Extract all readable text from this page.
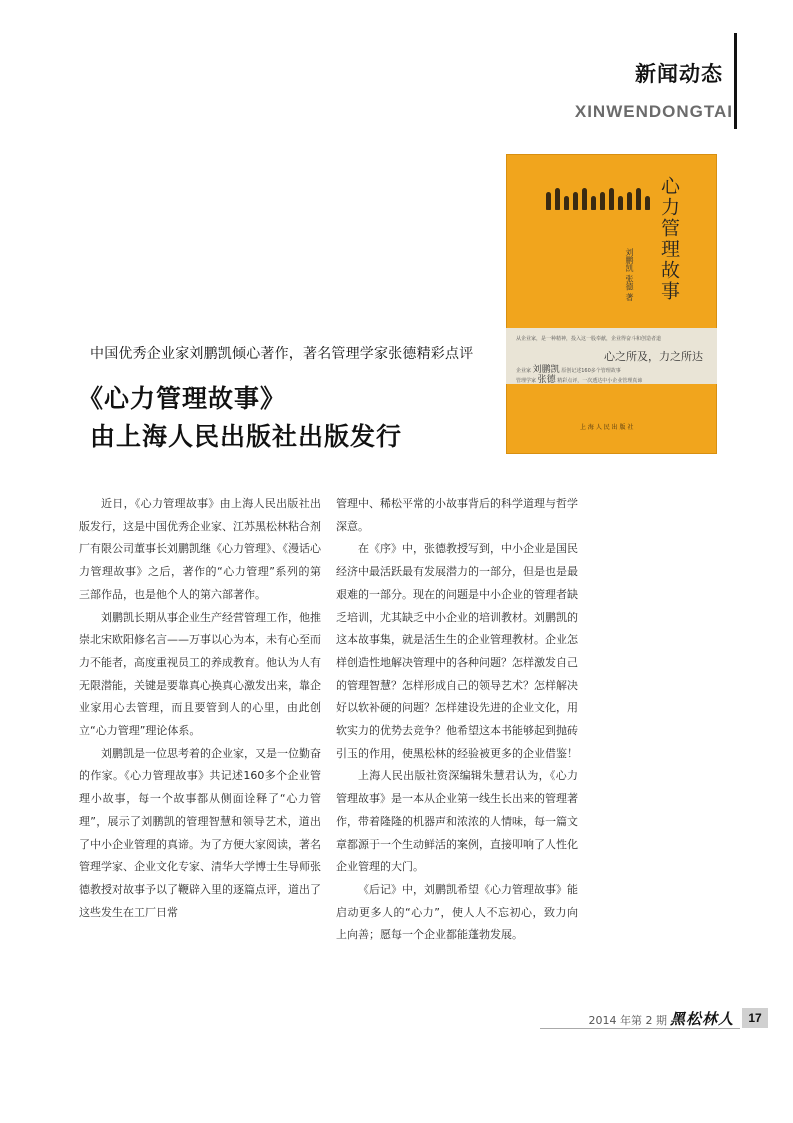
新闻动态
XINWENDONGTAI
心力管理故事
刘鹏凯 张德 著
从企业家，是一种精神，投入这一股奉献，企业得奋斗和创造者道
心之所及，力之所达
企业家 刘鹏凯 原创记述160多个管理故事
管理学家 张德 精彩点评，一次透达中小企业管理真谛
上 海 人 民 出 版 社
中国优秀企业家刘鹏凯倾心著作，著名管理学家张德精彩点评
《心力管理故事》
由上海人民出版社出版发行

近日，《心力管理故事》由上海人民出版社出版发行，这是中国优秀企业家、江苏黑松林粘合剂厂有限公司董事长刘鹏凯继《心力管理》、《漫话心力管理故事》之后，著作的“心力管理”系列的第三部作品，也是他个人的第六部著作。

刘鹏凯长期从事企业生产经营管理工作，他推崇北宋欧阳修名言——万事以心为本，未有心至而力不能者，高度重视员工的养成教育。他认为人有无限潜能，关键是要靠真心换真心激发出来，靠企业家用心去管理，而且要管到人的心里，由此创立“心力管理”理论体系。

刘鹏凯是一位思考着的企业家，又是一位勤奋的作家。《心力管理故事》共记述160多个企业管理小故事，每一个故事都从侧面诠释了“心力管理”，展示了刘鹏凯的管理智慧和领导艺术，道出了中小企业管理的真谛。为了方便大家阅读，著名管理学家、企业文化专家、清华大学博士生导师张德教授对故事予以了鞭辟入里的逐篇点评，道出了这些发生在工厂日常

管理中、稀松平常的小故事背后的科学道理与哲学深意。

在《序》中，张德教授写到，中小企业是国民经济中最活跃最有发展潜力的一部分，但是也是最艰难的一部分。现在的问题是中小企业的管理者缺乏培训，尤其缺乏中小企业的培训教材。刘鹏凯的这本故事集，就是活生生的企业管理教材。企业怎样创造性地解决管理中的各种问题？怎样激发自己的管理智慧？怎样形成自己的领导艺术？怎样解决好以软补硬的问题？怎样建设先进的企业文化，用软实力的优势去竞争？他希望这本书能够起到抛砖引玉的作用，使黑松林的经验被更多的企业借鉴！

上海人民出版社资深编辑朱慧君认为，《心力管理故事》是一本从企业第一线生长出来的管理著作，带着隆隆的机器声和浓浓的人情味，每一篇文章都源于一个生动鲜活的案例，直接叩响了人性化企业管理的大门。

《后记》中，刘鹏凯希望《心力管理故事》能启动更多人的“心力”，使人人不忘初心，致力向上向善；愿每一个企业都能蓬勃发展。

2014 年第 2 期 黑松林人	17
